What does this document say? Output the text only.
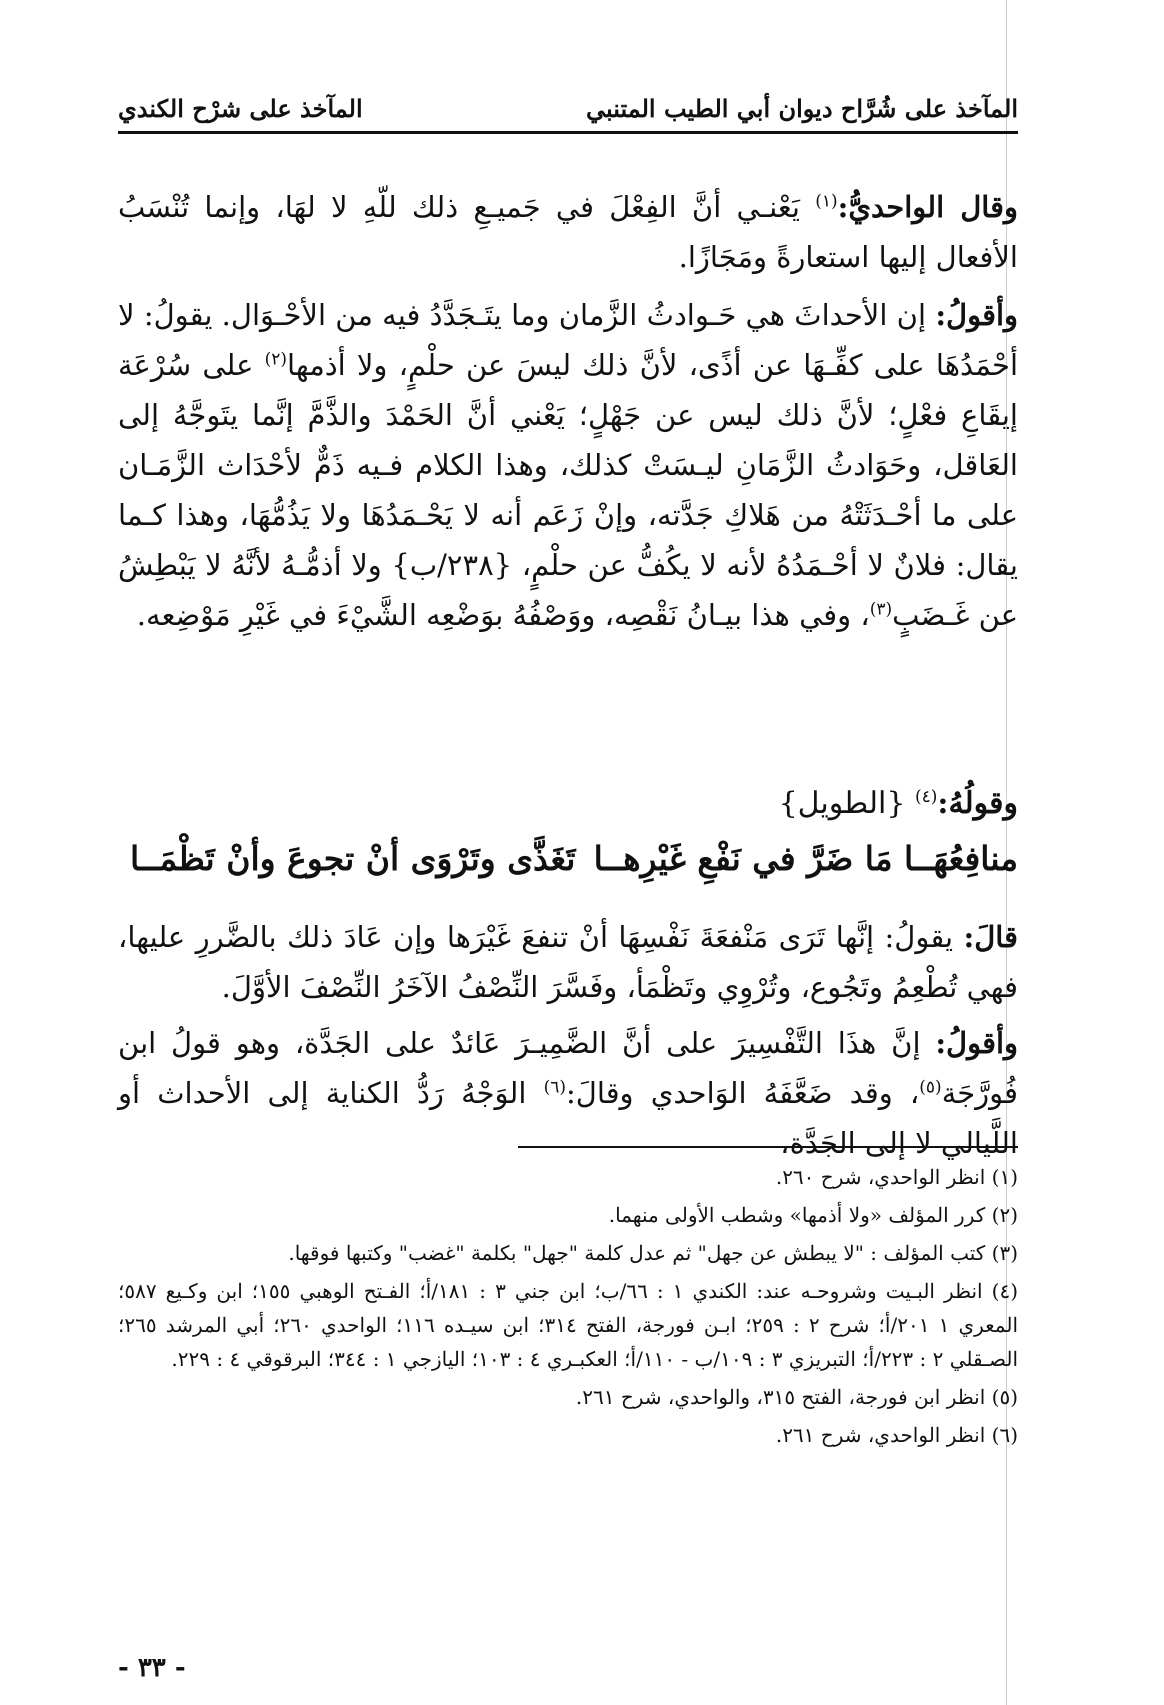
المآخذ على شُرَّاح ديوان أبي الطيب المتنبي
المآخذ على شرْح الكندي

وقال الواحديُّ:$^{(١)}$ يَعْنـي أنَّ الفِعْلَ في جَميـعِ ذلك للّهِ لا لهَا، وإنما تُنْسَبُ الأفعال إليها استعارةً ومَجَازًا.

وأقولُ: إن الأحداثَ هي حَـوادثُ الزَّمان وما يتَـجَدَّدُ فيه من الأحْـوَال. يقولُ: لا أحْمَدُهَا على كفِّـهَا عن أذًى، لأنَّ ذلك ليسَ عن حلْمٍ، ولا أذمها$^{(٢)}$ على سُرْعَة إيقَاعِ فعْلٍ؛ لأنَّ ذلك ليس عن جَهْلٍ؛ يَعْني أنَّ الحَمْدَ والذَّمَّ إنَّما يتَوجَّهُ إلى العَاقل، وحَوَادثُ الزَّمَانِ ليـسَتْ كذلك، وهذا الكلام فـيه ذَمٌّ لأحْدَاث الزَّمَـان على ما أحْـدَثَتْهُ من هَلاكِ جَدَّته، وإنْ زَعَم أنه لا يَحْـمَدُهَا ولا يَذُمُّهَا، وهذا كـما يقال: فلانٌ لا أحْـمَدُهُ لأنه لا يكُفُّ عن حلْمٍ، {٢٣٨/ب} ولا أذمُّـهُ لأنَّهُ لا يَبْطِشُ عن غَـضَبٍ$^{(٣)}$، وفي هذا بيـانُ نَقْصِه، ووَصْفُهُ بوَضْعِه الشَّيْءَ في غَيْرِ مَوْضِعه.

وقولُهُ:$^{(٤)}$ {الطويل}
منافِعُهَــا مَا ضَرَّ في نَفْعِ غَيْرِهــا
تَغَذَّى وتَرْوَى أنْ تجوعَ وأنْ تَظْمَــا

قالَ: يقولُ: إنَّها تَرَى مَنْفعَةَ نَفْسِهَا أنْ تنفعَ غَيْرَها وإن عَادَ ذلك بالضَّررِ عليها، فهي تُطْعِمُ وتَجُوع، وتُرْوِي وتَظْمَأ، وفَسَّرَ النِّصْفُ الآخَرُ النِّصْفَ الأوَّلَ.

وأقولُ: إنَّ هذَا التَّفْسِيرَ على أنَّ الضَّمِيـرَ عَائدٌ على الجَدَّة، وهو قولُ ابن فُورَّجَة$^{(٥)}$، وقد ضَعَّفَهُ الوَاحدي وقالَ:$^{(٦)}$ الوَجْهُ رَدُّ الكناية إلى الأحداث أو اللَّيالي لا إلى الجَدَّة،

(١) انظر الواحدي، شرح ٢٦٠.
(٢) كرر المؤلف «ولا أذمها» وشطب الأولى منهما.
(٣) كتب المؤلف : "لا يبطش عن جهل" ثم عدل كلمة "جهل" بكلمة "غضب" وكتبها فوقها.
(٤) انظر البـيت وشروحـه عند: الكندي ١ : ٦٦/ب؛ ابن جني ٣ : ١٨١/أ؛ الفـتح الوهبي ١٥٥؛ ابن وكـيع ٥٨٧؛ المعري ١ ٢٠١/أ؛ شرح ٢ : ٢٥٩؛ ابـن فورجة، الفتح ٣١٤؛ ابن سيـده ١١٦؛ الواحدي ٢٦٠؛ أبي المرشد ٢٦٥؛ الصـقلي ٢ : ٢٢٣/أ؛ التبريزي ٣ : ١٠٩/ب - ١١٠/أ؛ العكبـري ٤ : ١٠٣؛ اليازجي ١ : ٣٤٤؛ البرقوقي ٤ : ٢٢٩.
(٥) انظر ابن فورجة، الفتح ٣١٥، والواحدي، شرح ٢٦١.
(٦) انظر الواحدي، شرح ٢٦١.
- ٣٣ -
